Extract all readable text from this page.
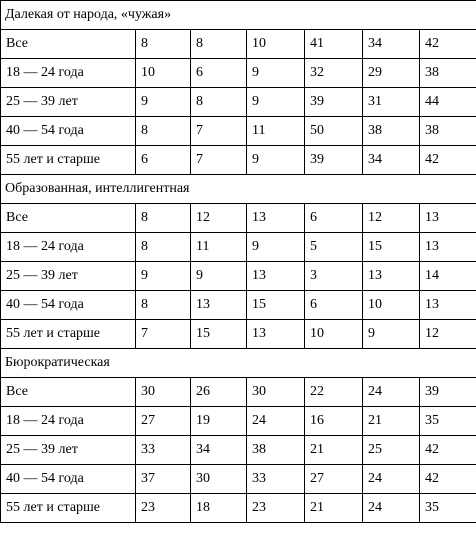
Далекая от народа, «чужая»						
Все	8	8	10	41	34	42
18 — 24 года	10	6	9	32	29	38
25 — 39 лет	9	8	9	39	31	44
40 — 54 года	8	7	11	50	38	38
55 лет и старше	6	7	9	39	34	42
Образованная, интеллигентная						
Все	8	12	13	6	12	13
18 — 24 года	8	11	9	5	15	13
25 — 39 лет	9	9	13	3	13	14
40 — 54 года	8	13	15	6	10	13
55 лет и старше	7	15	13	10	9	12
Бюрократическая						
Все	30	26	30	22	24	39
18 — 24 года	27	19	24	16	21	35
25 — 39 лет	33	34	38	21	25	42
40 — 54 года	37	30	33	27	24	42
55 лет и старше	23	18	23	21	24	35
